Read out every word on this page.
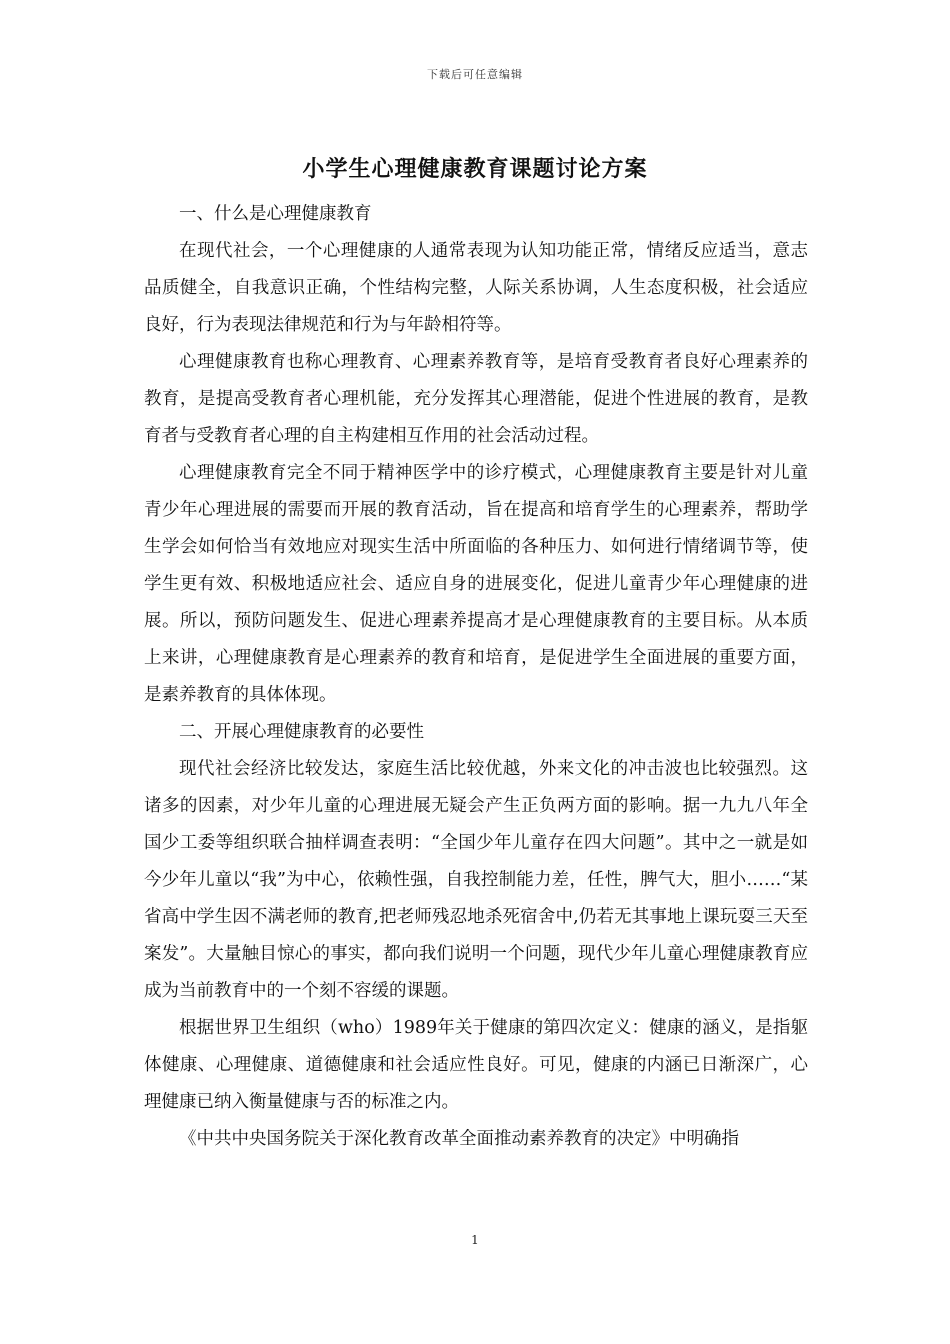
下载后可任意编辑
小学生心理健康教育课题讨论方案

一、什么是心理健康教育

在现代社会，一个心理健康的人通常表现为认知功能正常，情绪反应适当，意志品质健全，自我意识正确，个性结构完整，人际关系协调，人生态度积极，社会适应良好，行为表现法律规范和行为与年龄相符等。

心理健康教育也称心理教育、心理素养教育等，是培育受教育者良好心理素养的教育，是提高受教育者心理机能，充分发挥其心理潜能，促进个性进展的教育，是教育者与受教育者心理的自主构建相互作用的社会活动过程。

心理健康教育完全不同于精神医学中的诊疗模式，心理健康教育主要是针对儿童青少年心理进展的需要而开展的教育活动，旨在提高和培育学生的心理素养，帮助学生学会如何恰当有效地应对现实生活中所面临的各种压力、如何进行情绪调节等，使学生更有效、积极地适应社会、适应自身的进展变化，促进儿童青少年心理健康的进展。所以，预防问题发生、促进心理素养提高才是心理健康教育的主要目标。从本质上来讲，心理健康教育是心理素养的教育和培育，是促进学生全面进展的重要方面，是素养教育的具体体现。

二、开展心理健康教育的必要性

现代社会经济比较发达，家庭生活比较优越，外来文化的冲击波也比较强烈。这诸多的因素，对少年儿童的心理进展无疑会产生正负两方面的影响。据一九九八年全国少工委等组织联合抽样调查表明：“全国少年儿童存在四大问题”。其中之一就是如今少年儿童以“我”为中心，依赖性强，自我控制能力差，任性，脾气大，胆小……“某省高中学生因不满老师的教育,把老师残忍地杀死宿舍中,仍若无其事地上课玩耍三天至案发”。大量触目惊心的事实，都向我们说明一个问题，现代少年儿童心理健康教育应成为当前教育中的一个刻不容缓的课题。

根据世界卫生组织（who）1989年关于健康的第四次定义：健康的涵义，是指躯体健康、心理健康、道德健康和社会适应性良好。可见，健康的内涵已日渐深广，心理健康已纳入衡量健康与否的标准之内。

《中共中央国务院关于深化教育改革全面推动素养教育的决定》中明确指

1
